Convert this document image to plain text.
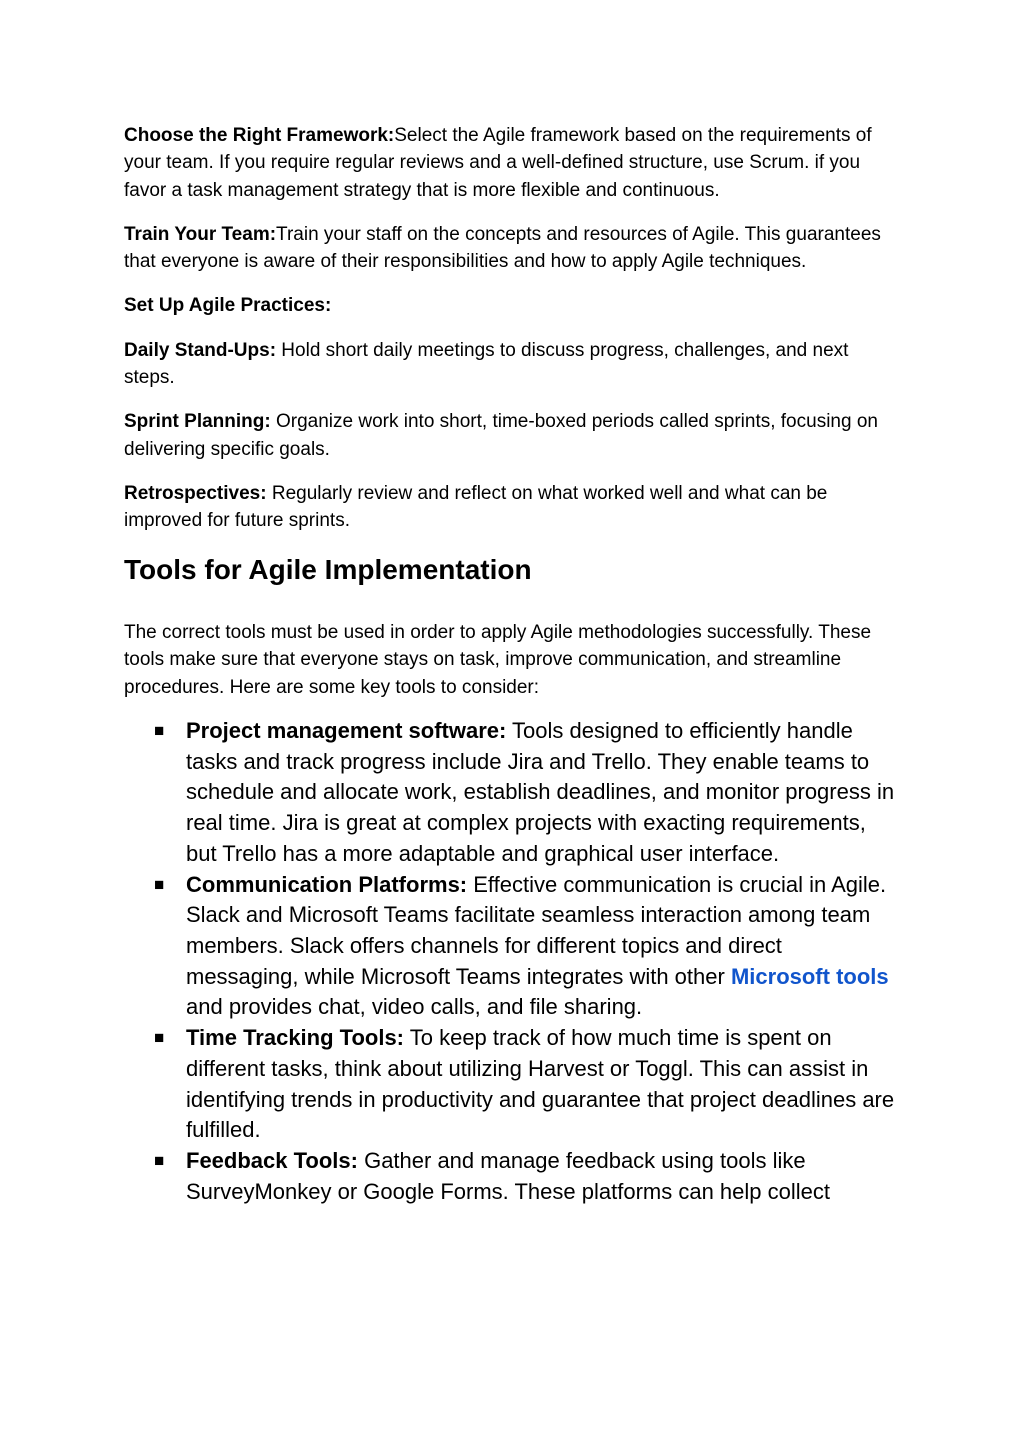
Choose the Right Framework:Select the Agile framework based on the requirements of your team. If you require regular reviews and a well-defined structure, use Scrum. if you favor a task management strategy that is more flexible and continuous.

Train Your Team:Train your staff on the concepts and resources of Agile. This guarantees that everyone is aware of their responsibilities and how to apply Agile techniques.

Set Up Agile Practices:

Daily Stand-Ups: Hold short daily meetings to discuss progress, challenges, and next steps.

Sprint Planning: Organize work into short, time-boxed periods called sprints, focusing on delivering specific goals.

Retrospectives: Regularly review and reflect on what worked well and what can be improved for future sprints.

Tools for Agile Implementation

The correct tools must be used in order to apply Agile methodologies successfully. These tools make sure that everyone stays on task, improve communication, and streamline procedures. Here are some key tools to consider:

■ Project management software: Tools designed to efficiently handle tasks and track progress include Jira and Trello. They enable teams to schedule and allocate work, establish deadlines, and monitor progress in real time. Jira is great at complex projects with exacting requirements, but Trello has a more adaptable and graphical user interface.
■ Communication Platforms: Effective communication is crucial in Agile. Slack and Microsoft Teams facilitate seamless interaction among team members. Slack offers channels for different topics and direct messaging, while Microsoft Teams integrates with other Microsoft tools and provides chat, video calls, and file sharing.
■ Time Tracking Tools: To keep track of how much time is spent on different tasks, think about utilizing Harvest or Toggl. This can assist in identifying trends in productivity and guarantee that project deadlines are fulfilled.
■ Feedback Tools: Gather and manage feedback using tools like SurveyMonkey or Google Forms. These platforms can help collect
